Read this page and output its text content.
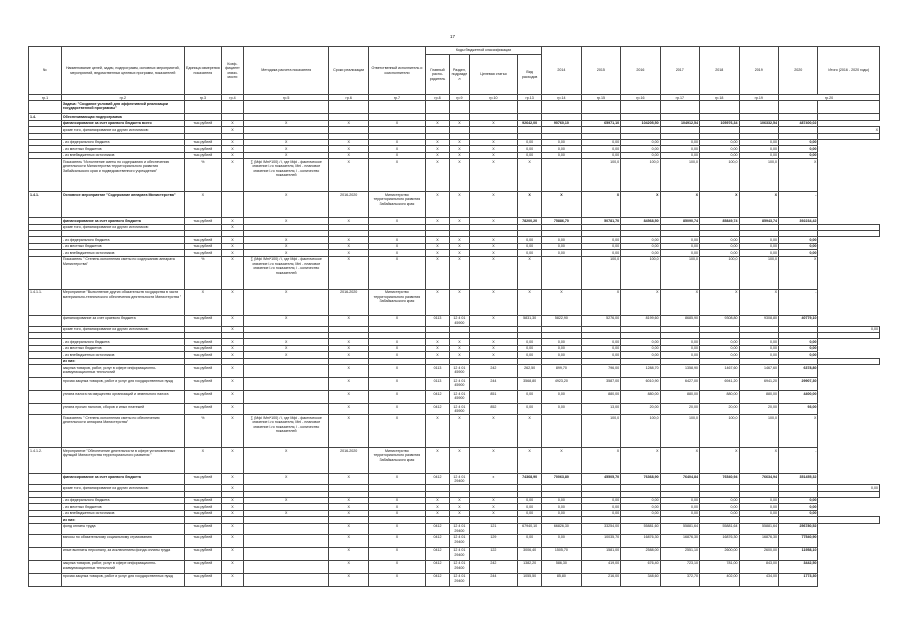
17
№	Наименование целей, задач, подпрограмм, основных мероприятий, мероприятий, ведомственных целевых программ, показателей	Единица измерения показателя	Коэф-фициент значи-мости	Методика расчета показателя	Сроки реализации	Ответственный исполнитель и соисполнители	Коды бюджетной классификации				2014	2015	2016	2017	2018	2019	2020	Итого (2016 - 2020 годы)
							Главный распо-рядитель	Раздел, подраздел	Целевая статья	Вид расходов								
гр.1	гр.2	гр.3	гр.4	гр.5	гр.6	гр.7	гр.8	гр.9	гр.10	гр.13	гр.14	гр.15	гр.16	гр.17	гр.18	гр.19	гр.20	
	Задача: "Создание условий для эффективной реализации государственной программы"																	
1.4.	Обеспечивающая подпрограмма																	
	финансирование за счет краевого бюджета всего	тыс.рублей	X	X	X	X	X	X	X	92642,00	90760,10	65971,10	104205,50	104912,54	105976,34	106332,54	487400,02	
	кроме того, финансирование из других источников:		X															X

	- из федерального бюджета	тыс.рублей	X	X	X	X	X	X	X	0,00	0,00	0,00	0,00	0,00	0,00	0,00	0,00	
	- из местных бюджетов	тыс.рублей	X	X	X	X	X	X	X	0,00	0,00	0,00	0,00	0,00	0,00	0,00	0,00	
	- из внебюджетных источников	тыс.рублей	X	X	X	X	X	X	X	0,00	0,00	0,00	0,00	0,00	0,00	0,00	0,00	
	Показатель "Исполнение сметы по содержанию и обеспечению деятельности Министерства территориального развития Забайкальского края и подведомственного учреждения"	%	X	∑ (Мфi /Мпi*100) / i, где Мфi - фактическое значение i-го показателя, Мпi - плановое значение i-го показателя, i - количество показателей	X	X	X	X	X	X		100,0	100,0	100,0	100,0	100,0	X	
1.4.1.	Основное мероприятие "Содержание аппарата Министерства"	X		X	2016-2020	Министерство территориального развития Забайкальского края	X	X	X	X	X	X	X	X	X	X	-	
	финансирование за счет краевого бюджета	тыс.рублей	X	X	X	X	X	X	X	78200,20	75886,70	50781,70	84568,50	85090,74	85849,74	85943,74	392234,42	
	кроме того, финансирование из других источников:		X															

	- из федерального бюджета	тыс.рублей	X	X	X	X	X	X	X	0,00	0,00	0,00	0,00	0,00	0,00	0,00	0,00	
	- из местных бюджетов	тыс.рублей	X	X	X	X	X	X	X	0,00	0,00	0,00	0,00	0,00	0,00	0,00	0,00	
	- из внебюджетных источников	тыс.рублей	X	X	X	X	X	X	X	0,00	0,00	0,00	0,00	0,00	0,00	0,00	0,00	
	Показатель " Степень исполнения сметы по содержанию аппарата Министерства"	%	X	∑ (Мфi /Мпi*100) / i, где Мфi - фактическое значение i-го показателя, Мпi - плановое значение i-го показателя, i - количество показателей	X	X	X	X	X	X		100,0	100,0	100,0	100,0	100,0	X	
1.4.1.1.	Мероприятие "Выполнение других обязательств государства в части материально-технического обеспечения деятельности Министерства "	X	X	X	2016-2020	Министерство территориального развития Забайкальского края	X	X	X	X	X	X	X	X	X	X	-	
	финансирование за счет краевого бюджета	тыс.рублей	X	X	X	X	0113	12 4 01 45900	X	5831,30	5822,90	5276,00	8199,60	8685,90	9308,80	9308,80	40779,10	
	кроме того, финансирование из других источников:		X															0,00

	- из федерального бюджета	тыс.рублей	X	X	X	X	X	X	X	0,00	0,00	0,00	0,00	0,00	0,00	0,00	0,00	
	- из местных бюджетов	тыс.рублей	X	X	X	X	X	X	X	0,00	0,00	0,00	0,00	0,00	0,00	0,00	0,00	
	- из внебюджетных источников	тыс.рублей	X	X	X	X	X	X	X	0,00	0,00	0,00	0,00	0,00	0,00	0,00	0,00	
	из них:																	
	закупка товаров, работ, услуг в сфере информационно-коммуникационных технологий	тыс.рублей	X		X	X	0113	12 4 01 45900	242	262,50	899,70	796,00	1288,70	1358,90	1467,60	1467,60	6378,80	
	прочая закупка товаров, работ и услуг для государственных нужд	тыс.рублей	X		X	X	0113	12 4 01 45900	244	3568,80	4923,20	3587,00	6010,90	6427,00	6941,20	6941,20	29907,30	
	уплата налога на имущество организаций и земельного налога	тыс.рублей	X		X	X	0412	12 4 01 45900	851	0,00	0,00	880,00	880,00	880,00	880,00	880,00	4400,00	
	уплата прочих налогов, сборов и иных платежей	тыс.рублей	X		X	X	0412	12 4 01 45900	852	0,00	0,00	13,00	20,00	20,00	20,00	20,00	93,00	
	Показатель " Степень исполнения сметы по обеспечению деятельности аппарата Министерства"	%	X	∑ (Мфi /Мпi*100) / i, где Мфi - фактическое значение i-го показателя, Мпi - плановое значение i-го показателя, i - количество показателей	X	X	X	X	X	X		100,0	100,0	100,0	100,0	100,0	X	
1.4.1.2.	Мероприятие "Обеспечение деятельности в сфере установленных функций Министерства территориального развития "	X	X	X	2016-2020	Министерство территориального развития Забайкальского края	X	X	X	X	X	X	X	X	X	X	-	
	финансирование за счет краевого бюджета	тыс.рублей	X	X	X	X	0412	12 4 01 29400	x	74368,90	70063,80	45505,70	76368,90	76404,84	76540,94	76634,94	351455,32	
	кроме того, финансирование из других источников:		X															0,00

	- из федерального бюджета	тыс.рублей	X	X	X	X	X	X	X	0,00	0,00	0,00	0,00	0,00	0,00	0,00	0,00	
	- из местных бюджетов	тыс.рублей	X		X	X	X	X	X	0,00	0,00	0,00	0,00	0,00	0,00	0,00	0,00	
	- из внебюджетных источников	тыс.рублей	X	X	X	X	X	X	X	0,00	0,00	0,00	0,00	0,00	0,00	0,00	0,00	
	из них:																	
	фонд оплаты труда	тыс.рублей	X		X	X	0412	12 4 01 29400	121	67940,10	66826,30	33254,00	55881,60	55881,64	55881,64	55881,64	256780,52	
	взносы по обязательному социальному страхованию	тыс.рублей	X		X	X	0412	12 4 01 29400	129	0,00	0,00	10035,70	16876,30	16876,30	16876,30	16876,30	77540,90	
	иные выплаты персоналу, за исключением фонда оплаты труда	тыс.рублей	X		X	X	0412	12 4 01 29400	122	3006,40	1505,70	1581,00	2588,00	2551,10	2600,00	2600,00	11958,10	
	закупка товаров, работ, услуг в сфере информационно-коммуникационных технологий	тыс.рублей	X		X	X	0412	12 4 01 29400	242	1382,20	586,30	419,00	676,40	723,10	781,00	843,00	3442,50	
	прочая закупка товаров, работ и услуг для государственных нужд	тыс.рублей	X		X	X	0412	12 4 01 29400	244	1055,50	85,80	216,00	348,60	372,70	402,00	434,00	1773,30	
